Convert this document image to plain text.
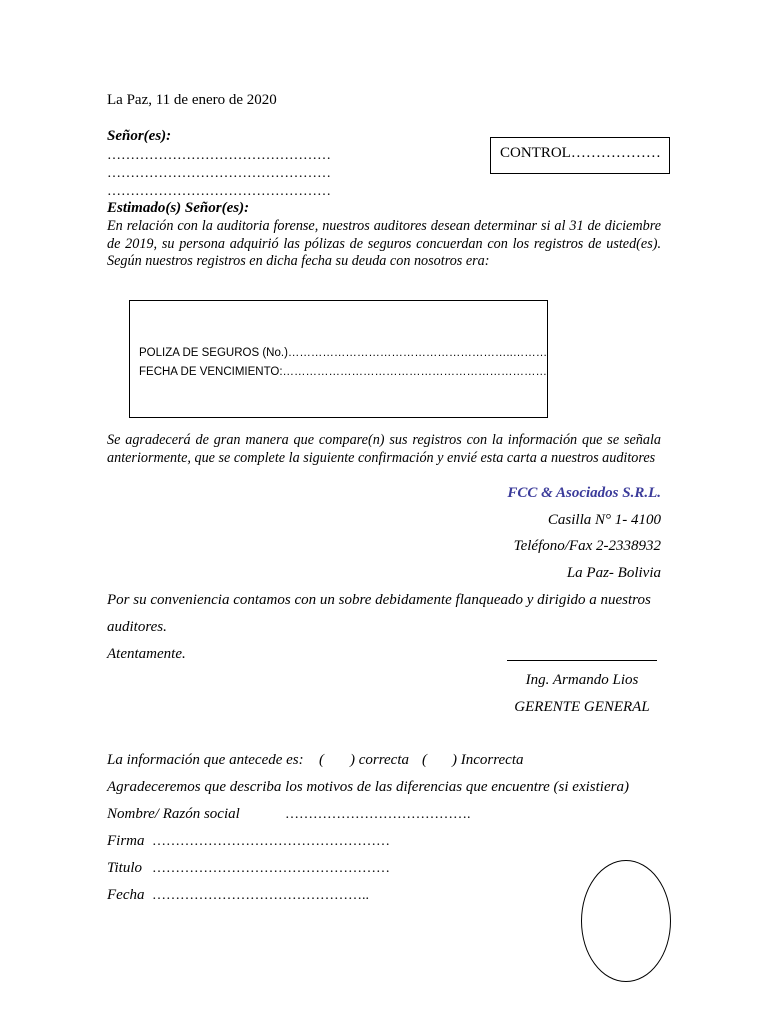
La Paz, 11 de enero de 2020
Señor(es):
…………………………………………
…………………………………………
…………………………………………
CONTROL………………
Estimado(s) Señor(es):
En relación con la auditoria forense, nuestros auditores desean determinar si al 31 de diciembre de 2019, su persona adquirió las pólizas de seguros concuerdan con los registros de usted(es). Según nuestros registros en dicha fecha su deuda con nosotros era:
POLIZA DE SEGUROS (No.)…………………………………………………..………
FECHA DE VENCIMIENTO:……………………………………………………………
Se agradecerá de gran manera que compare(n) sus registros con la información que se señala anteriormente, que se complete la siguiente confirmación y envié esta carta a nuestros auditores
FCC & Asociados S.R.L.
Casilla N° 1- 4100
Teléfono/Fax 2-2338932
La Paz- Bolivia
Por su conveniencia contamos con un sobre debidamente flanqueado y dirigido a nuestros
auditores.
Atentamente.
Ing. Armando Lios
GERENTE GENERAL
La información que antecede es: ( ) correcta ( ) Incorrecta
Agradeceremos que describa los motivos de las diferencias que encuentre (si existiera)
Nombre/ Razón social	………………………………….
Firma ……………………………………………
Titulo ……………………………………………
Fecha ………………………………………..
